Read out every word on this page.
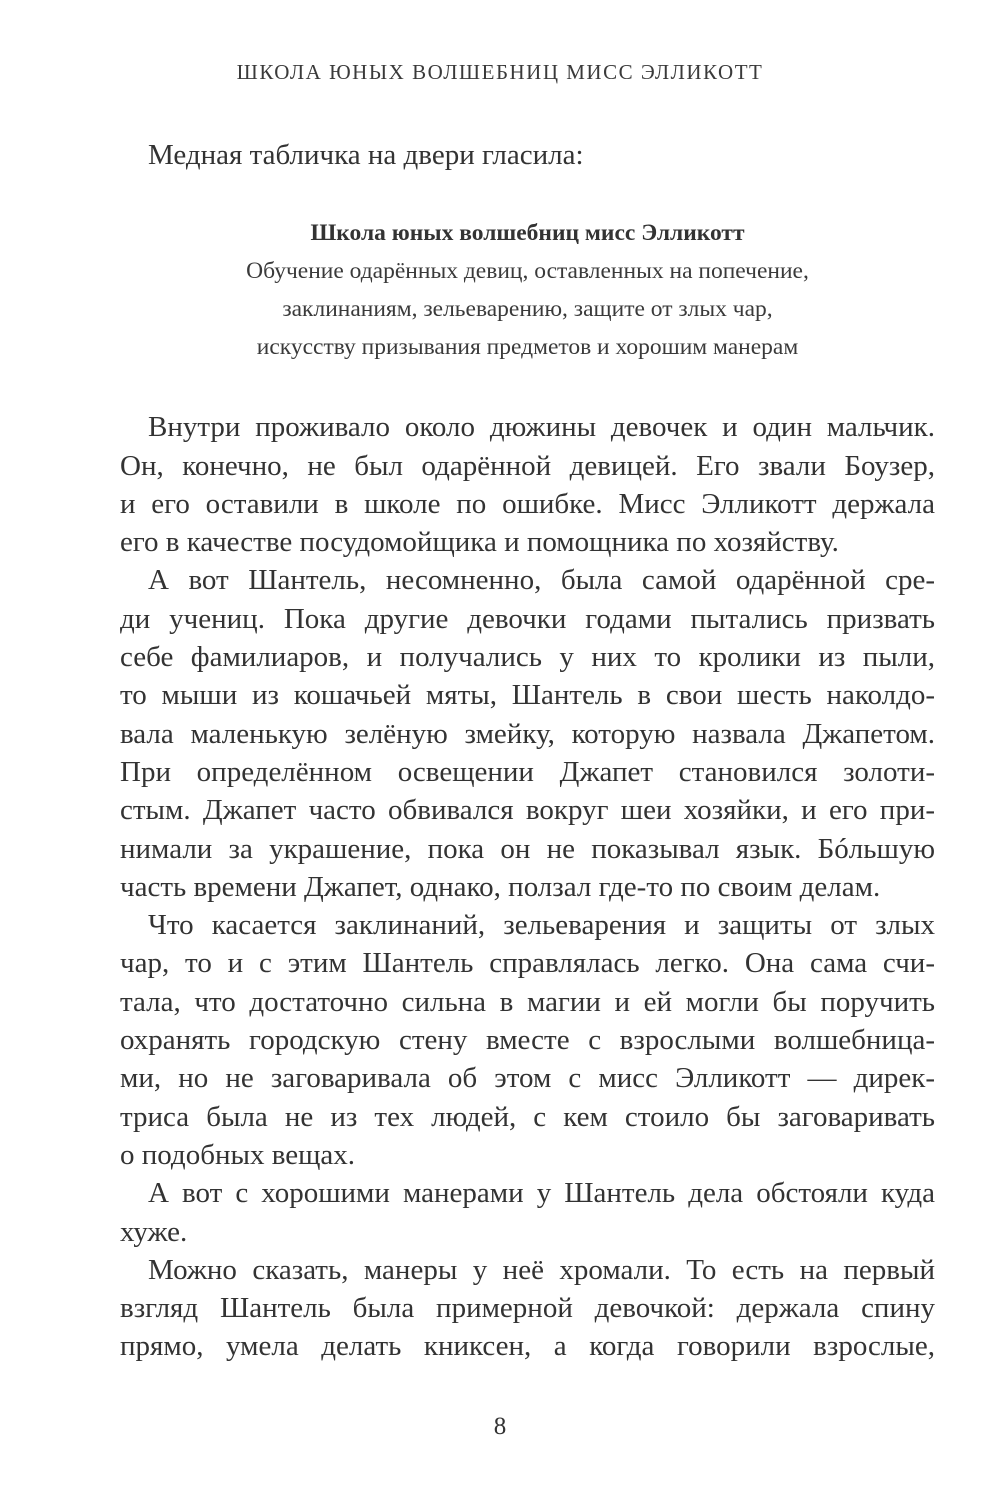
ШКОЛА ЮНЫХ ВОЛШЕБНИЦ МИСС ЭЛЛИКОТТ
Медная табличка на двери гласила:
Школа юных волшебниц мисс Элликотт
Обучение одарённых девиц, оставленных на попечение,
заклинаниям, зельеварению, защите от злых чар,
искусству призывания предметов и хорошим манерам
Внутри проживало около дюжины девочек и один мальчик.
Он, конечно, не был одарённой девицей. Его звали Боузер,
и его оставили в школе по ошибке. Мисс Элликотт держала
его в качестве посудомойщика и помощника по хозяйству.
А вот Шантель, несомненно, была самой одарённой сре-
ди учениц. Пока другие девочки годами пытались призвать
себе фамилиаров, и получались у них то кролики из пыли,
то мыши из кошачьей мяты, Шантель в свои шесть наколдо-
вала маленькую зелёную змейку, которую назвала Джапетом.
При определённом освещении Джапет становился золоти-
стым. Джапет часто обвивался вокруг шеи хозяйки, и его при-
нимали за украшение, пока он не показывал язык. Бóльшую
часть времени Джапет, однако, ползал где-то по своим делам.
Что касается заклинаний, зельеварения и защиты от злых
чар, то и с этим Шантель справлялась легко. Она сама счи-
тала, что достаточно сильна в магии и ей могли бы поручить
охранять городскую стену вместе с взрослыми волшебница-
ми, но не заговаривала об этом с мисс Элликотт — дирек-
триса была не из тех людей, с кем стоило бы заговаривать
о подобных вещах.
А вот с хорошими манерами у Шантель дела обстояли куда
хуже.
Можно сказать, манеры у неё хромали. То есть на первый
взгляд Шантель была примерной девочкой: держала спину
прямо, умела делать книксен, а когда говорили взрослые,
8
